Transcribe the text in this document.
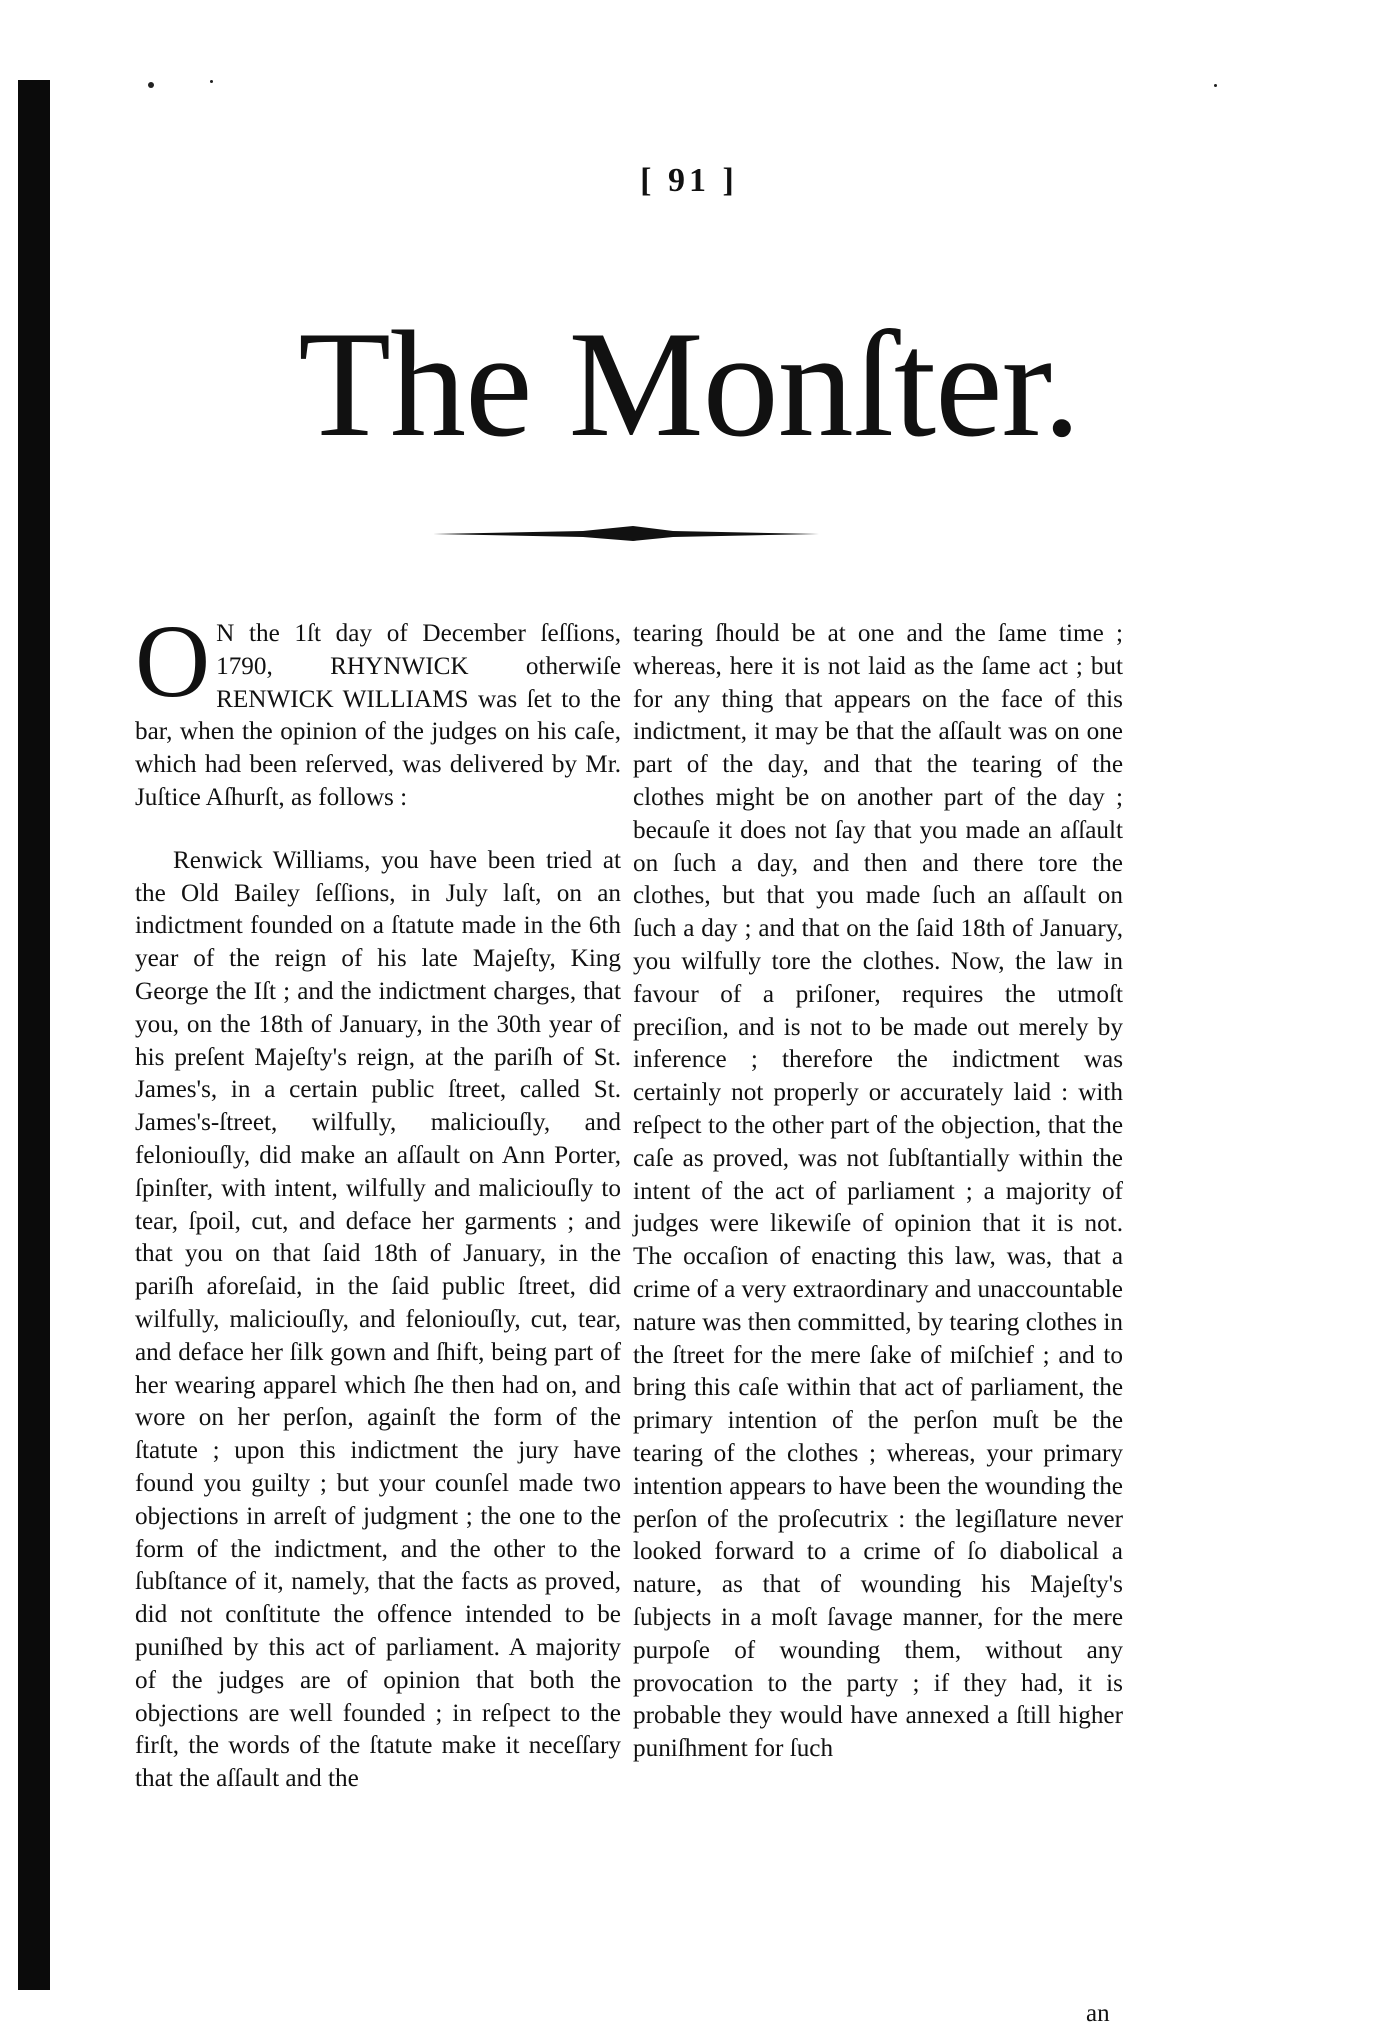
[ 91 ]
The Monſter.

O N the 1ſt day of December ſeſſions, 1790, RHYNWICK otherwiſe RENWICK WILLIAMS was ſet to the bar, when the opinion of the judges on his caſe, which had been reſerved, was delivered by Mr. Juſtice Aſhurſt, as follows :

Renwick Williams, you have been tried at the Old Bailey ſeſſions, in July laſt, on an indictment founded on a ſtatute made in the 6th year of the reign of his late Majeſty, King George the Iſt ; and the indictment charges, that you, on the 18th of January, in the 30th year of his preſent Majeſty's reign, at the pariſh of St. James's, in a certain public ſtreet, called St. James's-ſtreet, wilfully, maliciouſly, and feloniouſly, did make an aſſault on Ann Porter, ſpinſter, with intent, wilfully and maliciouſly to tear, ſpoil, cut, and deface her garments ; and that you on that ſaid 18th of January, in the pariſh aforeſaid, in the ſaid public ſtreet, did wilfully, maliciouſly, and feloniouſly, cut, tear, and deface her ſilk gown and ſhift, being part of her wearing apparel which ſhe then had on, and wore on her perſon, againſt the form of the ſtatute ; upon this indictment the jury have found you guilty ; but your counſel made two objections in arreſt of judgment ; the one to the form of the indictment, and the other to the ſubſtance of it, namely, that the facts as proved, did not conſtitute the offence intended to be puniſhed by this act of parliament. A majority of the judges are of opinion that both the objections are well founded ; in reſpect to the firſt, the words of the ſtatute make it neceſſary that the aſſault and the

tearing ſhould be at one and the ſame time ; whereas, here it is not laid as the ſame act ; but for any thing that appears on the face of this indictment, it may be that the aſſault was on one part of the day, and that the tearing of the clothes might be on another part of the day ; becauſe it does not ſay that you made an aſſault on ſuch a day, and then and there tore the clothes, but that you made ſuch an aſſault on ſuch a day ; and that on the ſaid 18th of January, you wilfully tore the clothes. Now, the law in favour of a priſoner, requires the utmoſt preciſion, and is not to be made out merely by inference ; therefore the indictment was certainly not properly or accurately laid : with reſpect to the other part of the objection, that the caſe as proved, was not ſubſtantially within the intent of the act of parliament ; a majority of judges were likewiſe of opinion that it is not. The occaſion of enacting this law, was, that a crime of a very extraordinary and unaccountable nature was then committed, by tearing clothes in the ſtreet for the mere ſake of miſchief ; and to bring this caſe within that act of parliament, the primary intention of the perſon muſt be the tearing of the clothes ; whereas, your primary intention appears to have been the wounding the perſon of the proſecutrix : the legiſlature never looked forward to a crime of ſo diabolical a nature, as that of wounding his Majeſty's ſubjects in a moſt ſavage manner, for the mere purpoſe of wounding them, without any provocation to the party ; if they had, it is probable they would have annexed a ſtill higher puniſhment for ſuch

an
